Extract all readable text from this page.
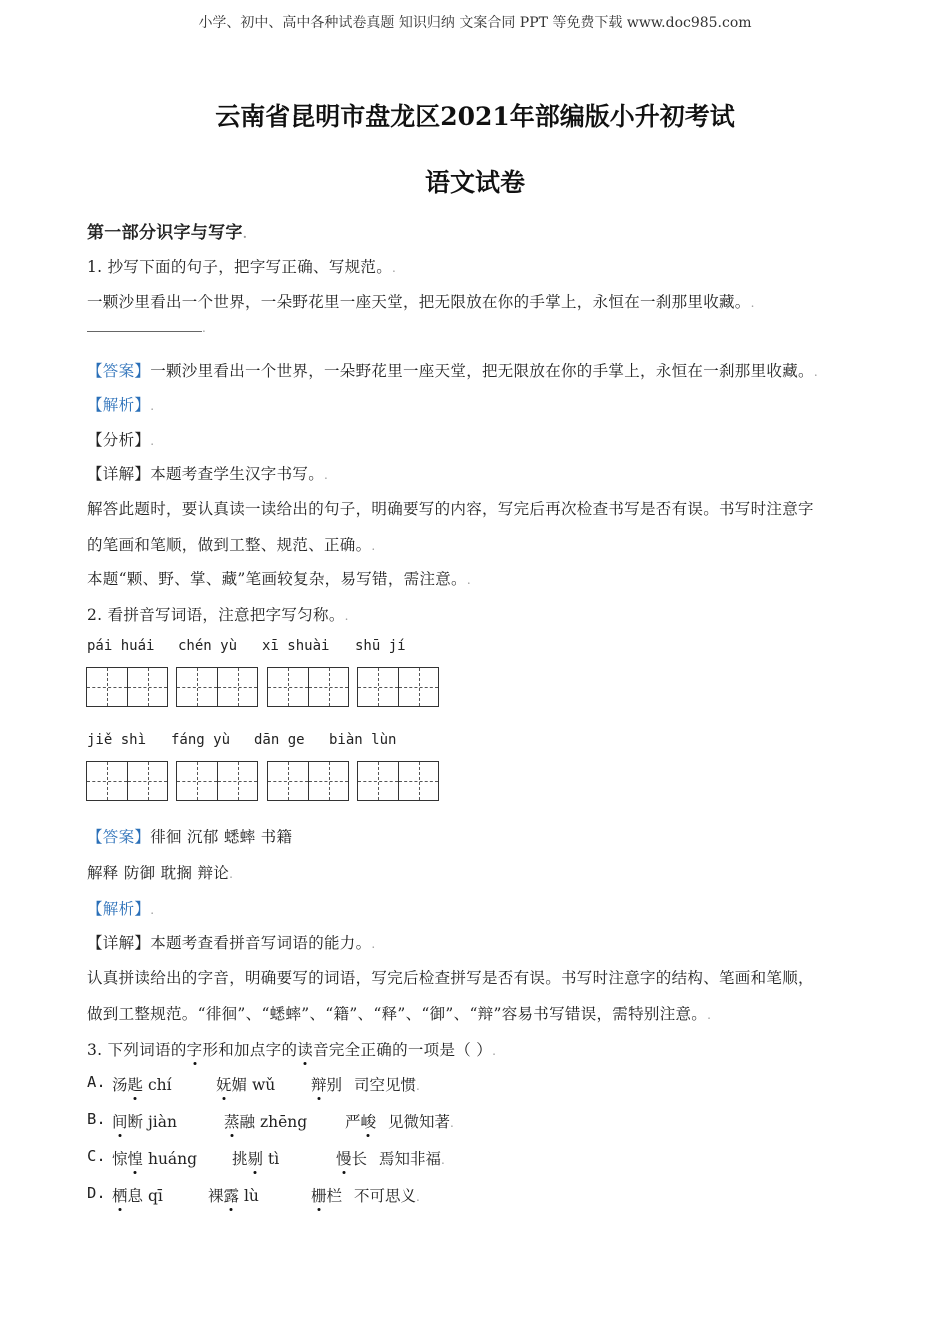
小学、初中、高中各种试卷真题 知识归纳 文案合同 PPT 等免费下载 www.doc985.com
云南省昆明市盘龙区2021年部编版小升初考试
语文试卷
第一部分识字与写字.
1. 抄写下面的句子，把字写正确、写规范。.
一颗沙里看出一个世界，一朵野花里一座天堂，把无限放在你的手掌上，永恒在一刹那里收藏。.
.
【答案】一颗沙里看出一个世界，一朵野花里一座天堂，把无限放在你的手掌上，永恒在一刹那里收藏。.
【解析】.
【分析】.
【详解】本题考查学生汉字书写。.
解答此题时，要认真读一读给出的句子，明确要写的内容，写完后再次检查书写是否有误。书写时注意字
的笔画和笔顺，做到工整、规范、正确。.
本题“颗、野、掌、藏”笔画较复杂，易写错，需注意。.
2. 看拼音写词语，注意把字写匀称。.
pái huái chén yù xī shuài shū jí
jiě shì fáng yù dān ge biàn lùn
【答案】徘徊 沉郁 蟋蟀 书籍
解释 防御 耽搁 辩论.
【解析】.
【详解】本题考查看拼音写词语的能力。.
认真拼读给出的字音，明确要写的词语，写完后检查拼写是否有误。书写时注意字的结构、笔画和笔顺，
做到工整规范。“徘徊”、“蟋蟀”、“籍”、“释”、“御”、“辩”容易书写错误，需特别注意。.
3. 下列词语的字形和加点字的读音完全正确的一项是（ ）.
A. 汤匙 chí	妩媚 wǔ 辩别 司空见惯.
B. 间断 jiàn	蒸融 zhēng 严峻 见微知著.
C. 惊惶 huáng 挑剔 tì	慢长 焉知非福.
D. 栖息 qī	裸露 lù	栅栏 不可思义.
